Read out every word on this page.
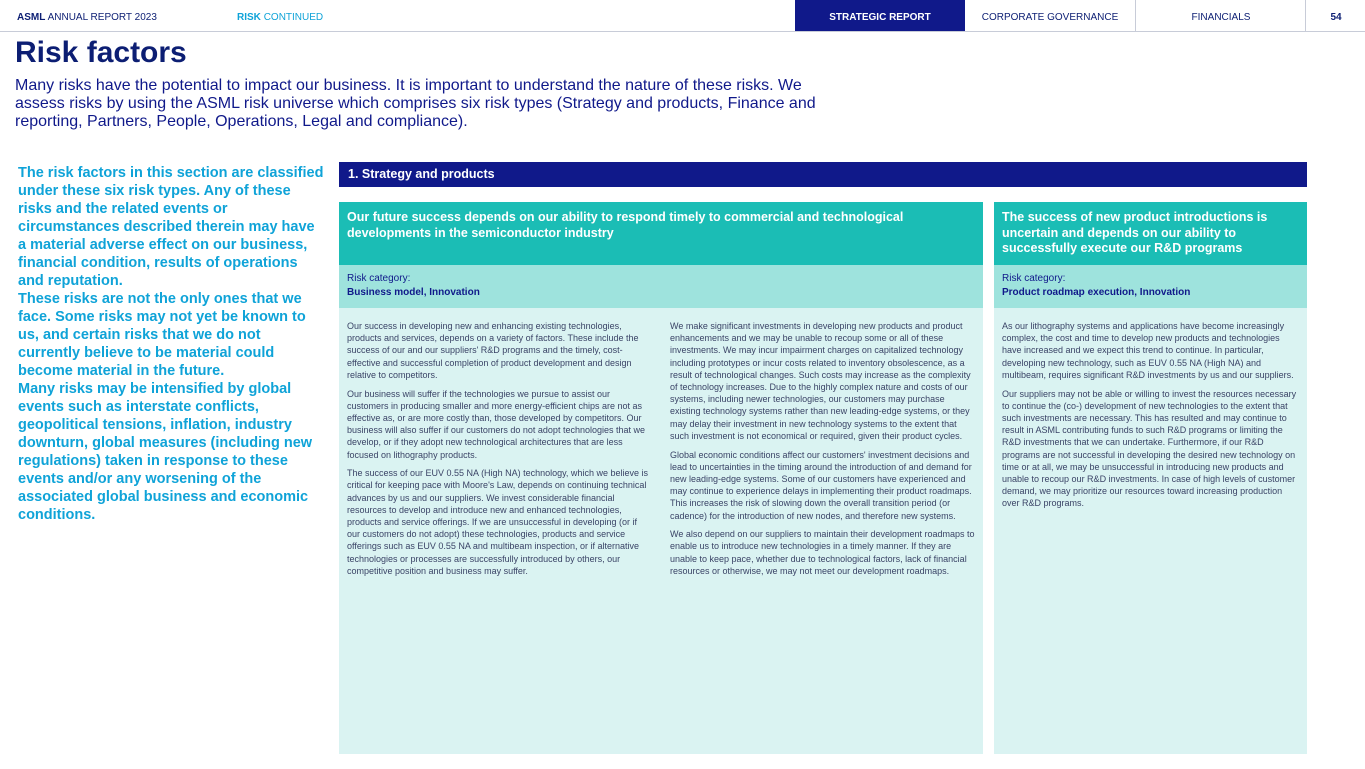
ASML ANNUAL REPORT 2023	RISK CONTINUED	STRATEGIC REPORT	CORPORATE GOVERNANCE	FINANCIALS	54
Risk factors

Many risks have the potential to impact our business. It is important to understand the nature of these risks. We assess risks by using the ASML risk universe which comprises six risk types (Strategy and products, Finance and reporting, Partners, People, Operations, Legal and compliance).

The risk factors in this section are classified under these six risk types. Any of these risks and the related events or circumstances described therein may have a material adverse effect on our business, financial condition, results of operations and reputation.

These risks are not the only ones that we face. Some risks may not yet be known to us, and certain risks that we do not currently believe to be material could become material in the future.

Many risks may be intensified by global events such as interstate conflicts, geopolitical tensions, inflation, industry downturn, global measures (including new regulations) taken in response to these events and/or any worsening of the associated global business and economic conditions.

1. Strategy and products
Our future success depends on our ability to respond timely to commercial and technological developments in the semiconductor industry
Risk category:
Business model, Innovation

Our success in developing new and enhancing existing technologies, products and services, depends on a variety of factors. These include the success of our and our suppliers' R&D programs and the timely, cost-effective and successful completion of product development and design relative to competitors.

Our business will suffer if the technologies we pursue to assist our customers in producing smaller and more energy-efficient chips are not as effective as, or are more costly than, those developed by competitors. Our business will also suffer if our customers do not adopt technologies that we develop, or if they adopt new technological architectures that are less focused on lithography products.

The success of our EUV 0.55 NA (High NA) technology, which we believe is critical for keeping pace with Moore's Law, depends on continuing technical advances by us and our suppliers. We invest considerable financial resources to develop and introduce new and enhanced technologies, products and service offerings. If we are unsuccessful in developing (or if our customers do not adopt) these technologies, products and service offerings such as EUV 0.55 NA and multibeam inspection, or if alternative technologies or processes are successfully introduced by others, our competitive position and business may suffer.

We make significant investments in developing new products and product enhancements and we may be unable to recoup some or all of these investments. We may incur impairment charges on capitalized technology including prototypes or incur costs related to inventory obsolescence, as a result of technological changes. Such costs may increase as the complexity of technology increases. Due to the highly complex nature and costs of our systems, including newer technologies, our customers may purchase existing technology systems rather than new leading-edge systems, or they may delay their investment in new technology systems to the extent that such investment is not economical or required, given their product cycles.

Global economic conditions affect our customers' investment decisions and lead to uncertainties in the timing around the introduction of and demand for new leading-edge systems. Some of our customers have experienced and may continue to experience delays in implementing their product roadmaps. This increases the risk of slowing down the overall transition period (or cadence) for the introduction of new nodes, and therefore new systems.

We also depend on our suppliers to maintain their development roadmaps to enable us to introduce new technologies in a timely manner. If they are unable to keep pace, whether due to technological factors, lack of financial resources or otherwise, we may not meet our development roadmaps.

The success of new product introductions is uncertain and depends on our ability to successfully execute our R&D programs
Risk category:
Product roadmap execution, Innovation

As our lithography systems and applications have become increasingly complex, the cost and time to develop new products and technologies have increased and we expect this trend to continue. In particular, developing new technology, such as EUV 0.55 NA (High NA) and multibeam, requires significant R&D investments by us and our suppliers.

Our suppliers may not be able or willing to invest the resources necessary to continue the (co-) development of new technologies to the extent that such investments are necessary. This has resulted and may continue to result in ASML contributing funds to such R&D programs or limiting the R&D investments that we can undertake. Furthermore, if our R&D programs are not successful in developing the desired new technology on time or at all, we may be unsuccessful in introducing new products and unable to recoup our R&D investments. In case of high levels of customer demand, we may prioritize our resources toward increasing production over R&D programs.
